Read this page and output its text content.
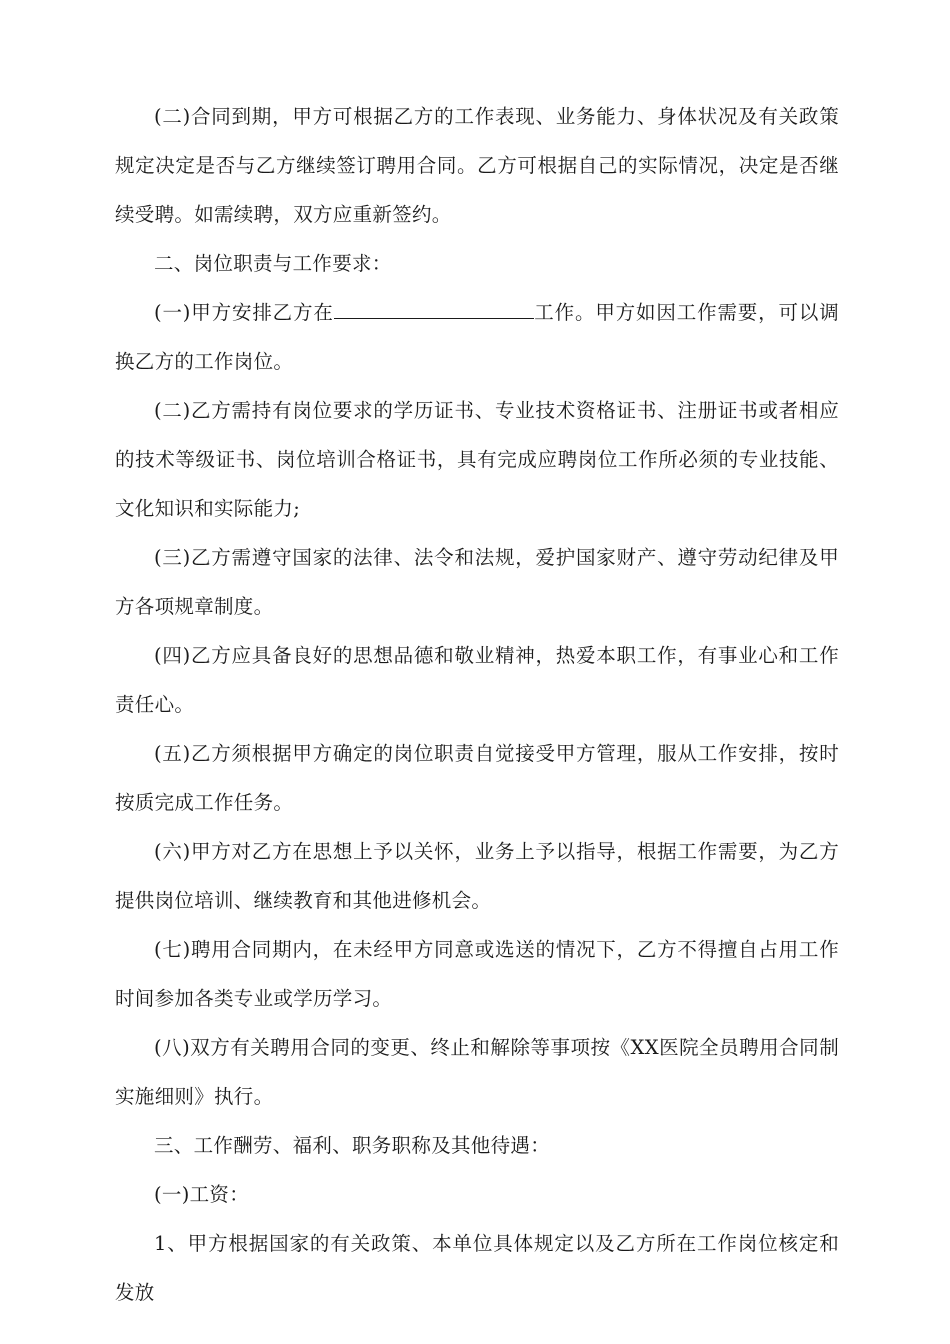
(二)合同到期，甲方可根据乙方的工作表现、业务能力、身体状况及有关政策规定决定是否与乙方继续签订聘用合同。乙方可根据自己的实际情况，决定是否继续受聘。如需续聘，双方应重新签约。

二、岗位职责与工作要求：

(一)甲方安排乙方在	工作。甲方如因工作需要，可以调换乙方的工作岗位。

(二)乙方需持有岗位要求的学历证书、专业技术资格证书、注册证书或者相应的技术等级证书、岗位培训合格证书，具有完成应聘岗位工作所必须的专业技能、文化知识和实际能力;

(三)乙方需遵守国家的法律、法令和法规，爱护国家财产、遵守劳动纪律及甲方各项规章制度。

(四)乙方应具备良好的思想品德和敬业精神，热爱本职工作，有事业心和工作责任心。

(五)乙方须根据甲方确定的岗位职责自觉接受甲方管理，服从工作安排，按时按质完成工作任务。

(六)甲方对乙方在思想上予以关怀，业务上予以指导，根据工作需要，为乙方提供岗位培训、继续教育和其他进修机会。

(七)聘用合同期内，在未经甲方同意或选送的情况下，乙方不得擅自占用工作时间参加各类专业或学历学习。

(八)双方有关聘用合同的变更、终止和解除等事项按《XX医院全员聘用合同制实施细则》执行。

三、工作酬劳、福利、职务职称及其他待遇：

(一)工资：

1、甲方根据国家的有关政策、本单位具体规定以及乙方所在工作岗位核定和发放
